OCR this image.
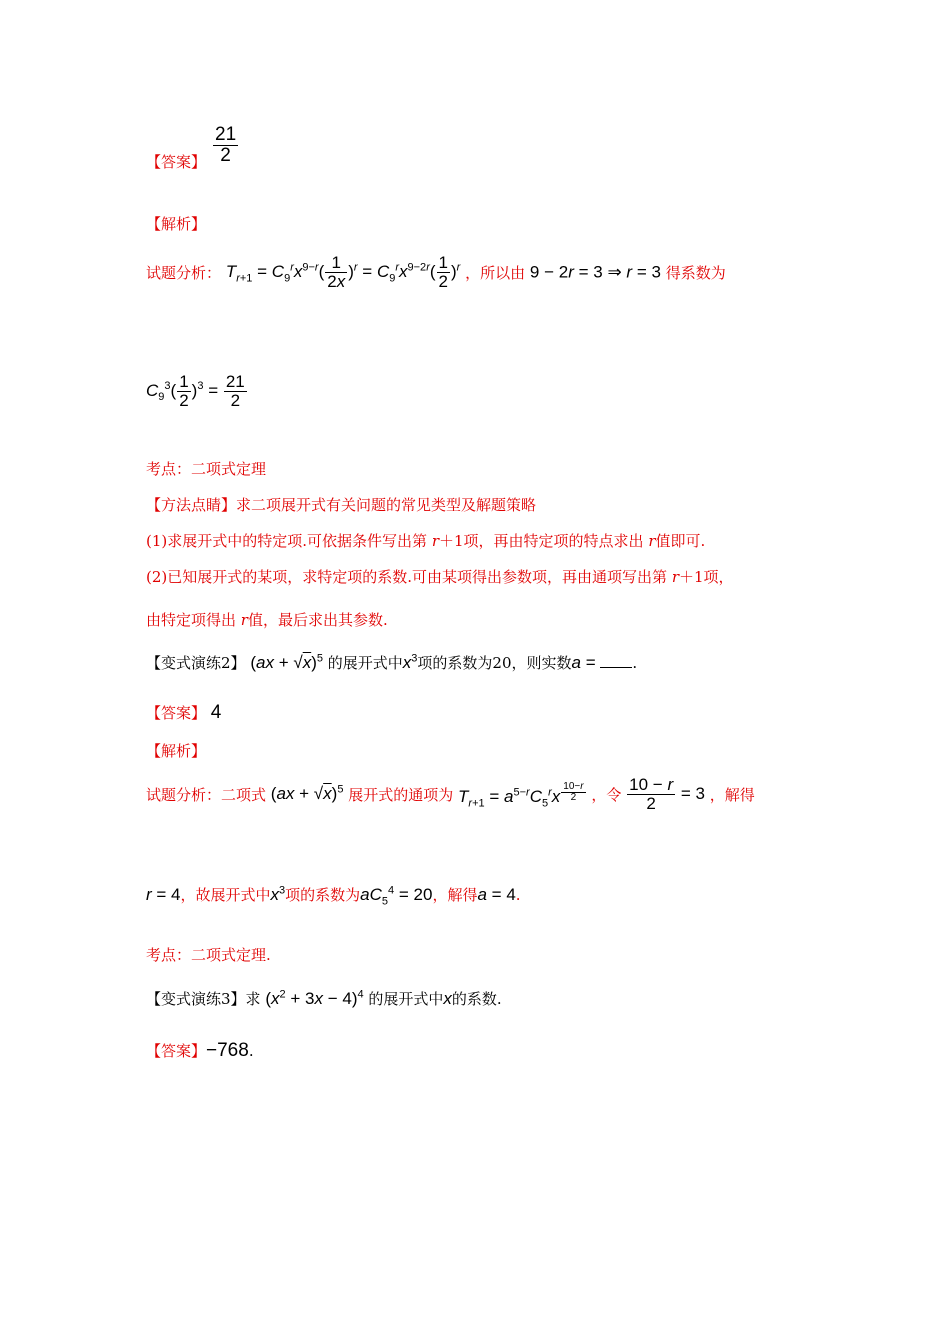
【答案】 $\frac{21}{2}$
【解析】
试题分析： $T_{r+1} = C_9^rx^{9-r}( \frac{1}{2x} )^r = C_9^rx^{9-2r}( \frac{1}{2} )^r$ ，所以由 9 − 2r = 3 ⇒ r = 3 得系数为
$C_9^3( \frac{1}{2} )^3 = \frac{21}{2}$
考点：二项式定理
【方法点睛】求二项展开式有关问题的常见类型及解题策略
(1)求展开式中的特定项.可依据条件写出第 r＋1项，再由特定项的特点求出 r值即可.
(2)已知展开式的某项，求特定项的系数.可由某项得出参数项，再由通项写出第 r＋1项，
由特定项得出 r值，最后求出其参数.
【变式演练2】 (ax + √x)$^5$ 的展开式中$x^3$项的系数为20，则实数a = .
【答案】 4
【解析】
试题分析：二项式 (ax + √x)$^5$ 展开式的通项为 $T_{r+1} = a^{5-r}C_5^rx$ $^{\frac{10-r}{2}}$ ，令 $\frac{10 - r}{2} = 3$ ，解得
r = 4，故展开式中$x^3$项的系数为$aC_5^4 = 20$，解得a = 4.
考点：二项式定理.
【变式演练3】求 $(x^2 + 3x - 4)^4$ 的展开式中x的系数.
【答案】−768.
